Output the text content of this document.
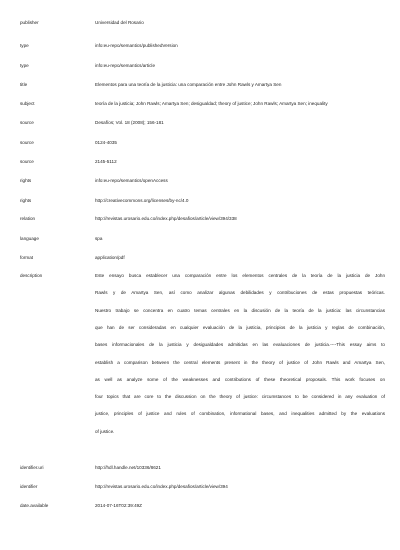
publisher	Universidad del Rosario
type	info:eu-repo/semantics/publishedVersion
type	info:eu-repo/semantics/article
title	Elementos para una teoría de la justicia: una comparación entre John Rawls y Amartya Sen
subject	teoría de la justicia; John Rawls; Amartya Sen; desigualdad; theory of justice; John Rawls; Amartya Sen; inequality
source	Desafíos; Vol. 18 (2008); 156-181
source	0124-4035
source	2145-5112
rights	info:eu-repo/semantics/openAccess
rights	http://creativecommons.org/licenses/by-nc/4.0
relation	http://revistas.urosario.edu.co/index.php/desafios/article/view/394/338
language	spa
format	application/pdf
description	Este ensayo busca establecer una comparación entre los elementos centrales de la teoría de la justicia de John
Rawls y de Amartya Sen, así como analizar algunas debilidades y contribuciones de estas propuestas teóricas.
Nuestro trabajo se concentra en cuatro temas centrales en la discusión de la teoría de la justicia: las circunstancias
que han de ser consideradas en cualquier evaluación de la justicia, principios de la justicia y reglas de combinación,
bases informacionales de la justicia y desigualdades admitidas en las evaluaciones de justicia.----This essay aims to
establish a comparison between the central elements present in the theory of justice of John Rawls and Amartya Sen,
as well as analyze some of the weaknesses and contributions of these theoretical proposals. This work focuses on
four topics that are core to the discussion on the theory of justice: circumstances to be considered in any evaluation of
justice, principles of justice and rules of combination, informational bases, and inequalities admitted by the evaluations
of justice.
identifier.uri	http://hdl.handle.net/10336/8621
identifier	http://revistas.urosario.edu.co/index.php/desafios/article/view/394
date.available	2014-07-16T02:39:49Z
